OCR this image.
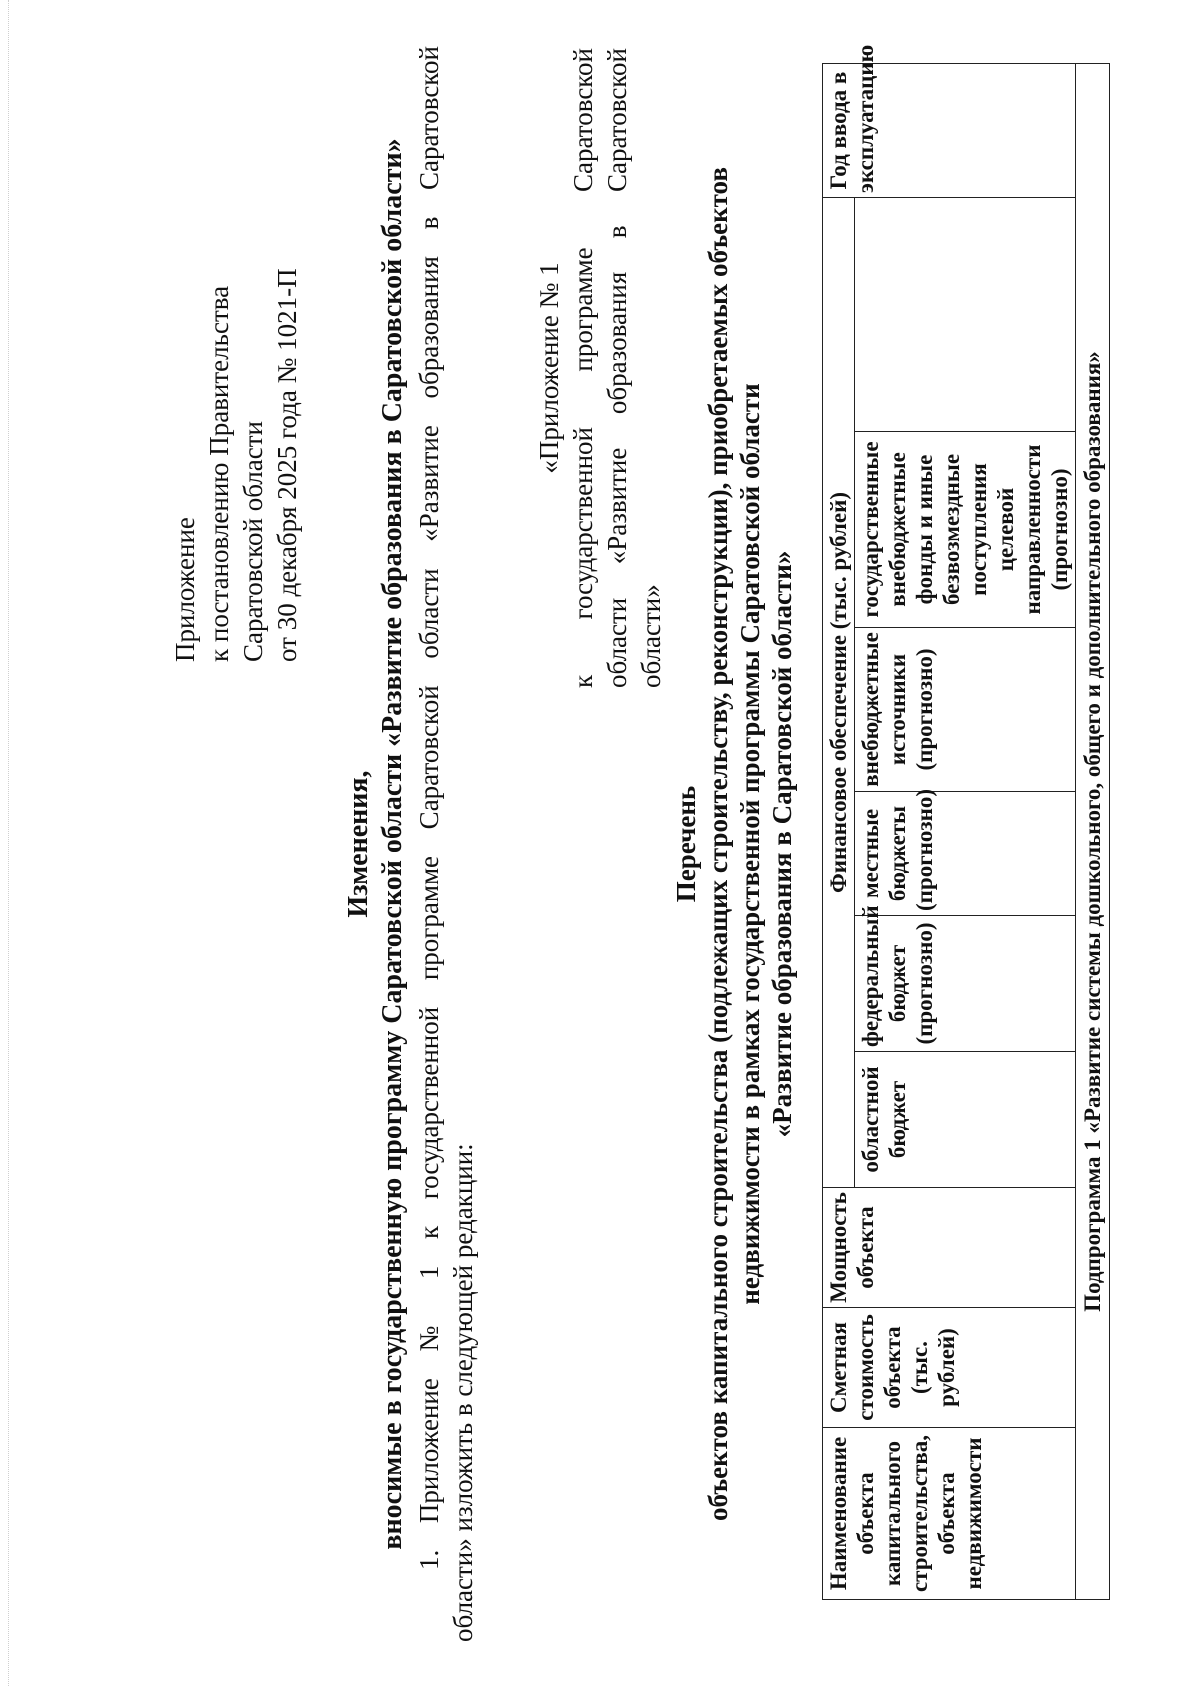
Приложение к постановлению Правительства Саратовской области от 30 декабря 2025 года № 1021-П
Изменения, вносимые в государственную программу Саратовской области «Развитие образования в Саратовской области» 1. Приложение № 1 к государственной программе Саратовской области «Развитие образования в Саратовской области» изложить в следующей редакции:
«Приложение № 1 к государственной программе Саратовской области «Развитие образования в Саратовской области»
Перечень объектов капитального строительства (подлежащих строительству, реконструкции), приобретаемых объектов недвижимости в рамках государственной программы Саратовской области «Развитие образования в Саратовской области»
Наименование объекта капитального строительства, объекта недвижимости	Сметная стоимость объекта (тыс. рублей)	Мощность объекта	Финансовое обеспечение (тыс. рублей)						Год ввода в эксплуатацию
			областной бюджет	федеральный бюджет (прогнозно)	местные бюджеты (прогнозно)	внебюджетные источники (прогнозно)	государственные внебюджетные фонды и иные безвозмездные поступления целевой направленности (прогнозно)		
Подпрограмма 1 «Развитие системы дошкольного, общего и дополнительного образования»									
